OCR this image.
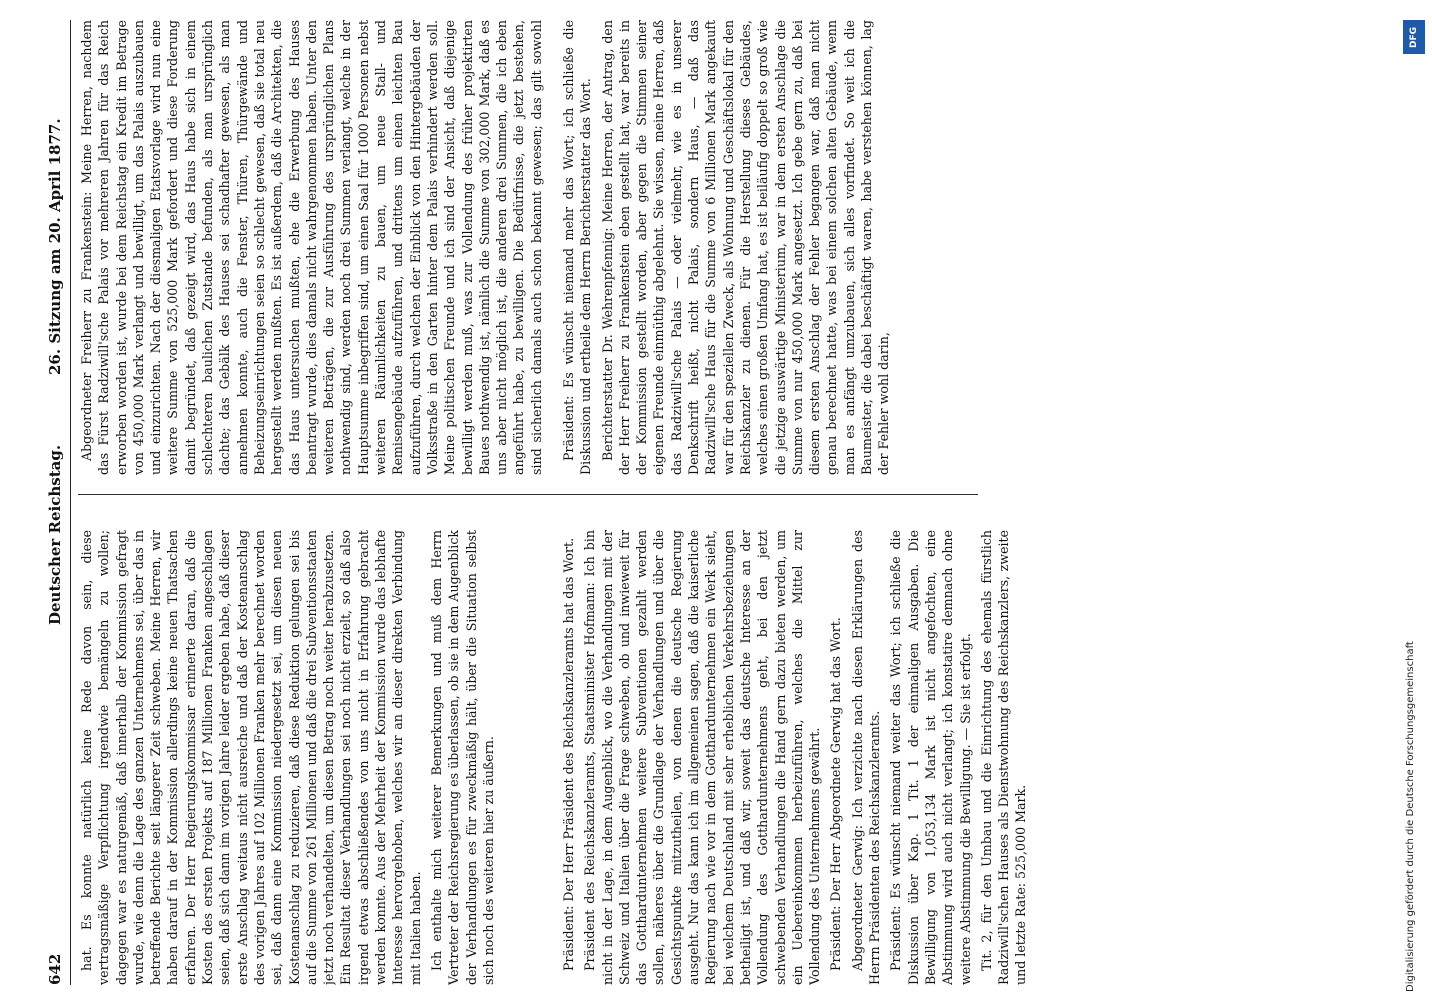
642
Deutscher Reichstag.
26. Sitzung am 20. April 1877.

hat. Es konnte natürlich keine Rede davon sein, diese vertragsmäßige Verpflichtung irgendwie bemängeln zu wollen; dagegen war es naturgemäß, daß innerhalb der Kommission gefragt wurde, wie denn die Lage des ganzen Unternehmens sei, über das in betreffende Berichte seit längerer Zeit schweben. Meine Herren, wir haben darauf in der Kommission allerdings keine neuen Thatsachen erfahren. Der Herr Regierungskommissar erinnerte daran, daß die Kosten des ersten Projekts auf 187 Millionen Franken angeschlagen seien, daß sich dann im vorigen Jahre leider ergeben habe, daß dieser erste Anschlag weitaus nicht ausreiche und daß der Kostenanschlag des vorigen Jahres auf 102 Millionen Franken mehr berechnet worden sei, daß dann eine Kommission niedergesetzt sei, um diesen neuen Kostenanschlag zu reduzieren, daß diese Reduktion gelungen sei bis auf die Summe von 261 Millionen und daß die drei Subventionsstaaten jetzt noch verhandelten, um diesen Betrag noch weiter herabzusetzen. Ein Resultat dieser Verhandlungen sei noch nicht erzielt, so daß also irgend etwas abschließendes von uns nicht in Erfahrung gebracht werden konnte. Aus der Mehrheit der Kommission wurde das lebhafte Interesse hervorgehoben, welches wir an dieser direkten Verbindung mit Italien haben. Ich enthalte mich weiterer Bemerkungen und muß dem Herrn Vertreter der Reichsregierung es überlassen, ob sie in dem Augenblick der Verhandlungen es für zweckmäßig hält, über die Situation selbst sich noch des weiteren hier zu äußern.	Präsident: Der Herr Präsident des Reichskanzleramts hat das Wort. Präsident des Reichskanzleramts, Staatsminister Hofmann: Ich bin nicht in der Lage, in dem Augenblick, wo die Verhandlungen mit der Schweiz und Italien über die Frage schweben, ob und inwieweit für das Gotthardunternehmen weitere Subventionen gezahlt werden sollen, näheres über die Grundlage der Verhandlungen und über die Gesichtspunkte mitzutheilen, von denen die deutsche Regierung ausgeht. Nur das kann ich im allgemeinen sagen, daß die kaiserliche Regierung nach wie vor in dem Gotthardunternehmen ein Werk sieht, bei welchem Deutschland mit sehr erheblichen Verkehrsbeziehungen betheiligt ist, und daß wir, soweit das deutsche Interesse an der Vollendung des Gotthardunternehmens geht, bei den jetzt schwebenden Verhandlungen die Hand gern dazu bieten werden, um ein Uebereinkommen herbeizuführen, welches die Mittel zur Vollendung des Unternehmens gewährt. Präsident: Der Herr Abgeordnete Gerwig hat das Wort. Abgeordneter Gerwig: Ich verzichte nach diesen Erklärungen des Herrn Präsidenten des Reichskanzleramts. Präsident: Es wünscht niemand weiter das Wort; ich schließe die Diskussion über Kap. 1 Tit. 1 der einmaligen Ausgaben. Die Bewilligung von 1,053,134 Mark ist nicht angefochten, eine Abstimmung wird auch nicht verlangt; ich konstatire demnach ohne weitere Abstimmung die Bewilligung. — Sie ist erfolgt. Tit. 2, für den Umbau und die Einrichtung des ehemals fürstlich Radziwill'schen Hauses als Dienstwohnung des Reichskanzlers, zweite und letzte Rate: 525,000 Mark.

Abgeordneter Freiherr zu Frankenstein: Meine Herren, nachdem das Fürst Radziwill'sche Palais vor mehreren Jahren für das Reich erworben worden ist, wurde bei dem Reichstag ein Kredit im Betrage von 450,000 Mark verlangt und bewilligt, um das Palais auszubauen und einzurichten. Nach der diesmaligen Etatsvorlage wird nun eine weitere Summe von 525,000 Mark gefordert und diese Forderung damit begründet, daß gezeigt wird, das Haus habe sich in einem schlechteren baulichen Zustande befunden, als man ursprünglich dachte; das Gebälk des Hauses sei schadhafter gewesen, als man annehmen konnte, auch die Fenster, Thüren, Thürgewände und Beheizungseinrichtungen seien so schlecht gewesen, daß sie total neu hergestellt werden mußten. Es ist außerdem, daß die Architekten, die das Haus untersuchen mußten, ehe die Erwerbung des Hauses beantragt wurde, dies damals nicht wahrgenommen haben. Unter den weiteren Beträgen, die zur Ausführung des ursprünglichen Plans nothwendig sind, werden noch drei Summen verlangt, welche in der Hauptsumme inbegriffen sind, um einen Saal für 1000 Personen nebst weiteren Räumlichkeiten zu bauen, um neue Stall- und Remisengebäude aufzuführen, und drittens um einen leichten Bau aufzuführen, durch welchen der Einblick von den Hintergebäuden der Volksstraße in den Garten hinter dem Palais verhindert werden soll. Meine politischen Freunde und ich sind der Ansicht, daß diejenige bewilligt werden muß, was zur Vollendung des früher projektirten Baues nothwendig ist, nämlich die Summe von 302,000 Mark, daß es uns aber nicht möglich ist, die anderen drei Summen, die ich eben angeführt habe, zu bewilligen. Die Bedürfnisse, die jetzt bestehen, sind sicherlich damals auch schon bekannt gewesen; das gilt sowohl	Präsident: Es wünscht niemand mehr das Wort; ich schließe die Diskussion und ertheile dem Herrn Berichterstatter das Wort. Berichterstatter Dr. Wehrenpfennig: Meine Herren, der Antrag, den der Herr Freiherr zu Frankenstein eben gestellt hat, war bereits in der Kommission gestellt worden, aber gegen die Stimmen seiner eigenen Freunde einmüthig abgelehnt. Sie wissen, meine Herren, daß das Radziwill'sche Palais — oder vielmehr, wie es in unserer Denkschrift heißt, nicht Palais, sondern Haus, — daß das Radziwill'sche Haus für die Summe von 6 Millionen Mark angekauft war für den speziellen Zweck, als Wohnung und Geschäftslokal für den Reichskanzler zu dienen. Für die Herstellung dieses Gebäudes, welches einen großen Umfang hat, es ist beiläufig doppelt so groß wie die jetzige auswärtige Ministerium, war in dem ersten Anschlage die Summe von nur 450,000 Mark angesetzt. Ich gebe gern zu, daß bei diesem ersten Anschlag der Fehler begangen war, daß man nicht genau berechnet hatte, was bei einem solchen alten Gebäude, wenn man es anfängt umzubauen, sich alles vorfindet. So weit ich die Baumeister, die dabei beschäftigt waren, habe verstehen können, lag der Fehler wohl darin,

DFG
Digitalisierung gefördert durch die Deutsche Forschungsgemeinschaft
